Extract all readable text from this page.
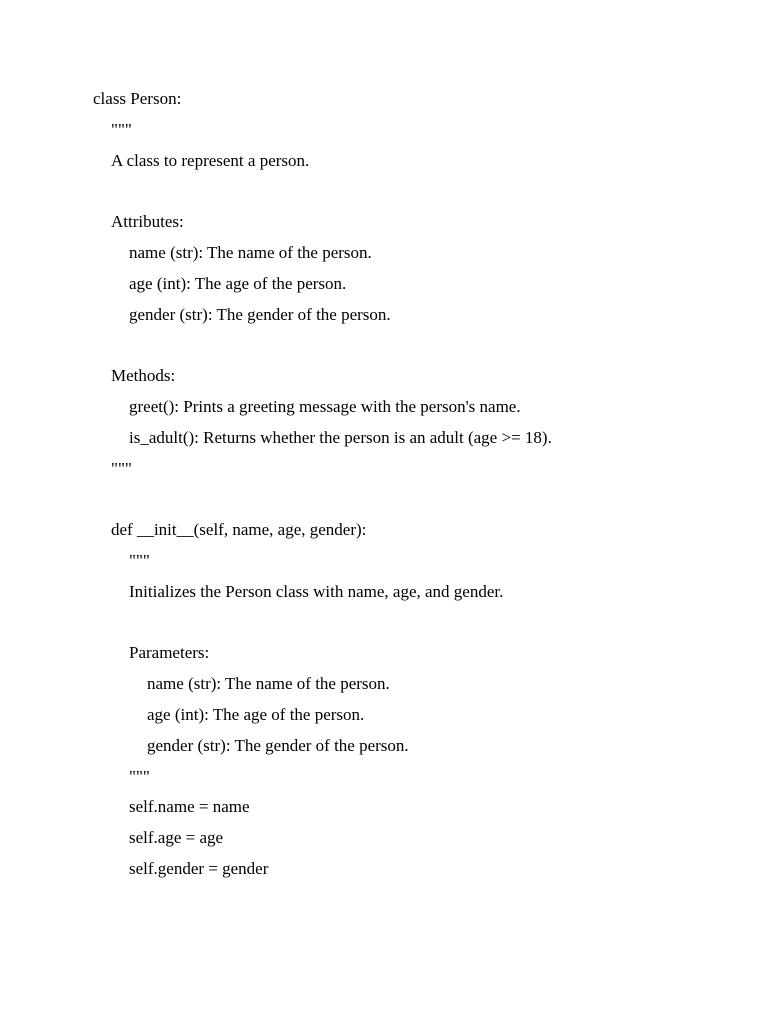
class Person:

"""

A class to represent a person.

Attributes:

name (str): The name of the person.

age (int): The age of the person.

gender (str): The gender of the person.

Methods:

greet(): Prints a greeting message with the person's name.

is_adult(): Returns whether the person is an adult (age >= 18).

"""

def __init__(self, name, age, gender):

"""

Initializes the Person class with name, age, and gender.

Parameters:

name (str): The name of the person.

age (int): The age of the person.

gender (str): The gender of the person.

"""

self.name = name

self.age = age

self.gender = gender
